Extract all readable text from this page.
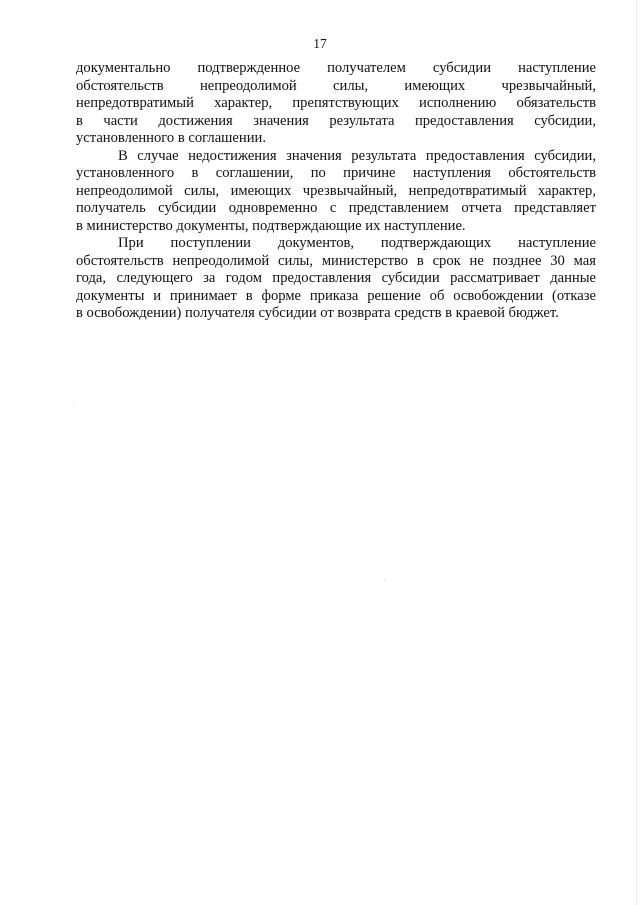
17
документально подтвержденное получателем субсидии наступление
обстоятельств непреодолимой силы, имеющих чрезвычайный,
непредотвратимый характер, препятствующих исполнению обязательств
в части достижения значения результата предоставления субсидии,
установленного в соглашении.
В случае недостижения значения результата предоставления субсидии,
установленного в соглашении, по причине наступления обстоятельств
непреодолимой силы, имеющих чрезвычайный, непредотвратимый характер,
получатель субсидии одновременно с представлением отчета представляет
в министерство документы, подтверждающие их наступление.
При поступлении документов, подтверждающих наступление
обстоятельств непреодолимой силы, министерство в срок не позднее 30 мая
года, следующего за годом предоставления субсидии рассматривает данные
документы и принимает в форме приказа решение об освобождении (отказе
в освобождении) получателя субсидии от возврата средств в краевой бюджет.
